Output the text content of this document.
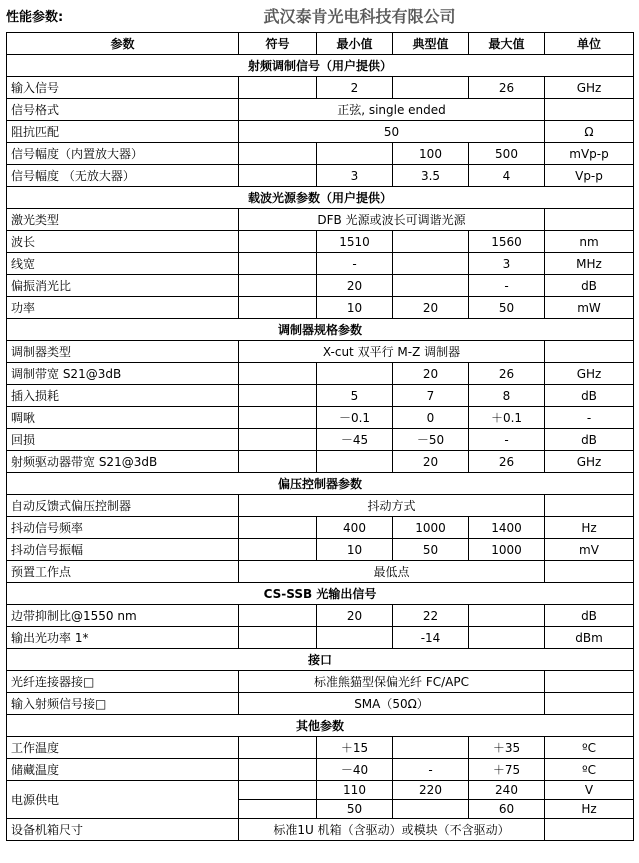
性能参数:	武汉泰肯光电科技有限公司
参数	符号	最小值	典型值	最大值	单位
射频调制信号（用户提供）					
输入信号		2		26	GHz
信号格式	正弦, single ended				
阻抗匹配	50				Ω
信号幅度（内置放大器）			100	500	mVp-p
信号幅度 （无放大器）		3	3.5	4	Vp-p
载波光源参数（用户提供）					
激光类型	DFB 光源或波长可调谐光源				
波长		1510		1560	nm
线宽		-		3	MHz
偏振消光比		20		-	dB
功率		10	20	50	mW
调制器规格参数					
调制器类型	X-cut 双平行 M-Z 调制器				
调制带宽 S21@3dB			20	26	GHz
插入损耗		5	7	8	dB
啁啾		－0.1	0	＋0.1	-
回损		－45	－50	-	dB
射频驱动器带宽 S21@3dB			20	26	GHz
偏压控制器参数					
自动反馈式偏压控制器	抖动方式				
抖动信号频率		400	1000	1400	Hz
抖动信号振幅		10	50	1000	mV
预置工作点	最低点				
CS-SSB 光输出信号					
边带抑制比@1550 nm		20	22		dB
输出光功率 1*			-14		dBm
接口					
光纤连接器接□	标准熊猫型保偏光纤 FC/APC				
输入射频信号接□	SMA（50Ω）				
其他参数					
工作温度		＋15		＋35	ºC
储藏温度		－40	-	＋75	ºC
电源供电		110	220	240	V
		50		60	Hz
设备机箱尺寸	标准1U 机箱（含驱动）或模块（不含驱动）				
